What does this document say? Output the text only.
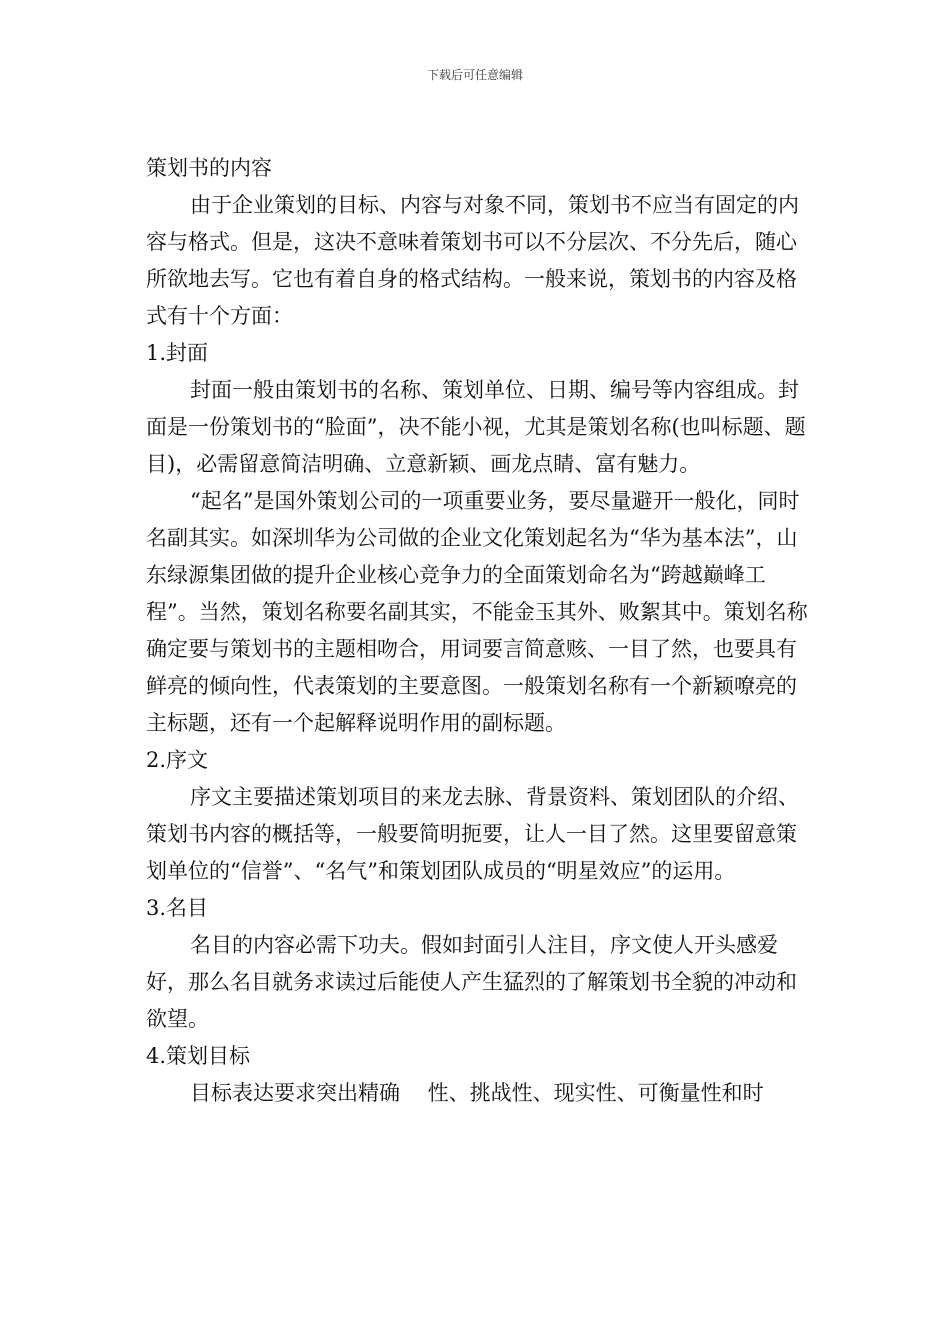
下载后可任意编辑

策划书的内容

由于企业策划的目标、内容与对象不同，策划书不应当有固定的内容与格式。但是，这决不意味着策划书可以不分层次、不分先后，随心所欲地去写。它也有着自身的格式结构。一般来说，策划书的内容及格式有十个方面：

1.封面

封面一般由策划书的名称、策划单位、日期、编号等内容组成。封面是一份策划书的“脸面”，决不能小视，尤其是策划名称(也叫标题、题目)，必需留意简洁明确、立意新颖、画龙点睛、富有魅力。

“起名”是国外策划公司的一项重要业务，要尽量避开一般化，同时名副其实。如深圳华为公司做的企业文化策划起名为“华为基本法”，山东绿源集团做的提升企业核心竞争力的全面策划命名为“跨越巅峰工程”。当然，策划名称要名副其实，不能金玉其外、败絮其中。策划名称确定要与策划书的主题相吻合，用词要言简意赅、一目了然，也要具有鲜亮的倾向性，代表策划的主要意图。一般策划名称有一个新颖嘹亮的主标题，还有一个起解释说明作用的副标题。

2.序文

序文主要描述策划项目的来龙去脉、背景资料、策划团队的介绍、策划书内容的概括等，一般要简明扼要，让人一目了然。这里要留意策划单位的“信誉”、“名气”和策划团队成员的“明星效应”的运用。

3.名目

名目的内容必需下功夫。假如封面引人注目，序文使人开头感爱好，那么名目就务求读过后能使人产生猛烈的了解策划书全貌的冲动和欲望。

4.策划目标

目标表达要求突出精确　 性、挑战性、现实性、可衡量性和时
